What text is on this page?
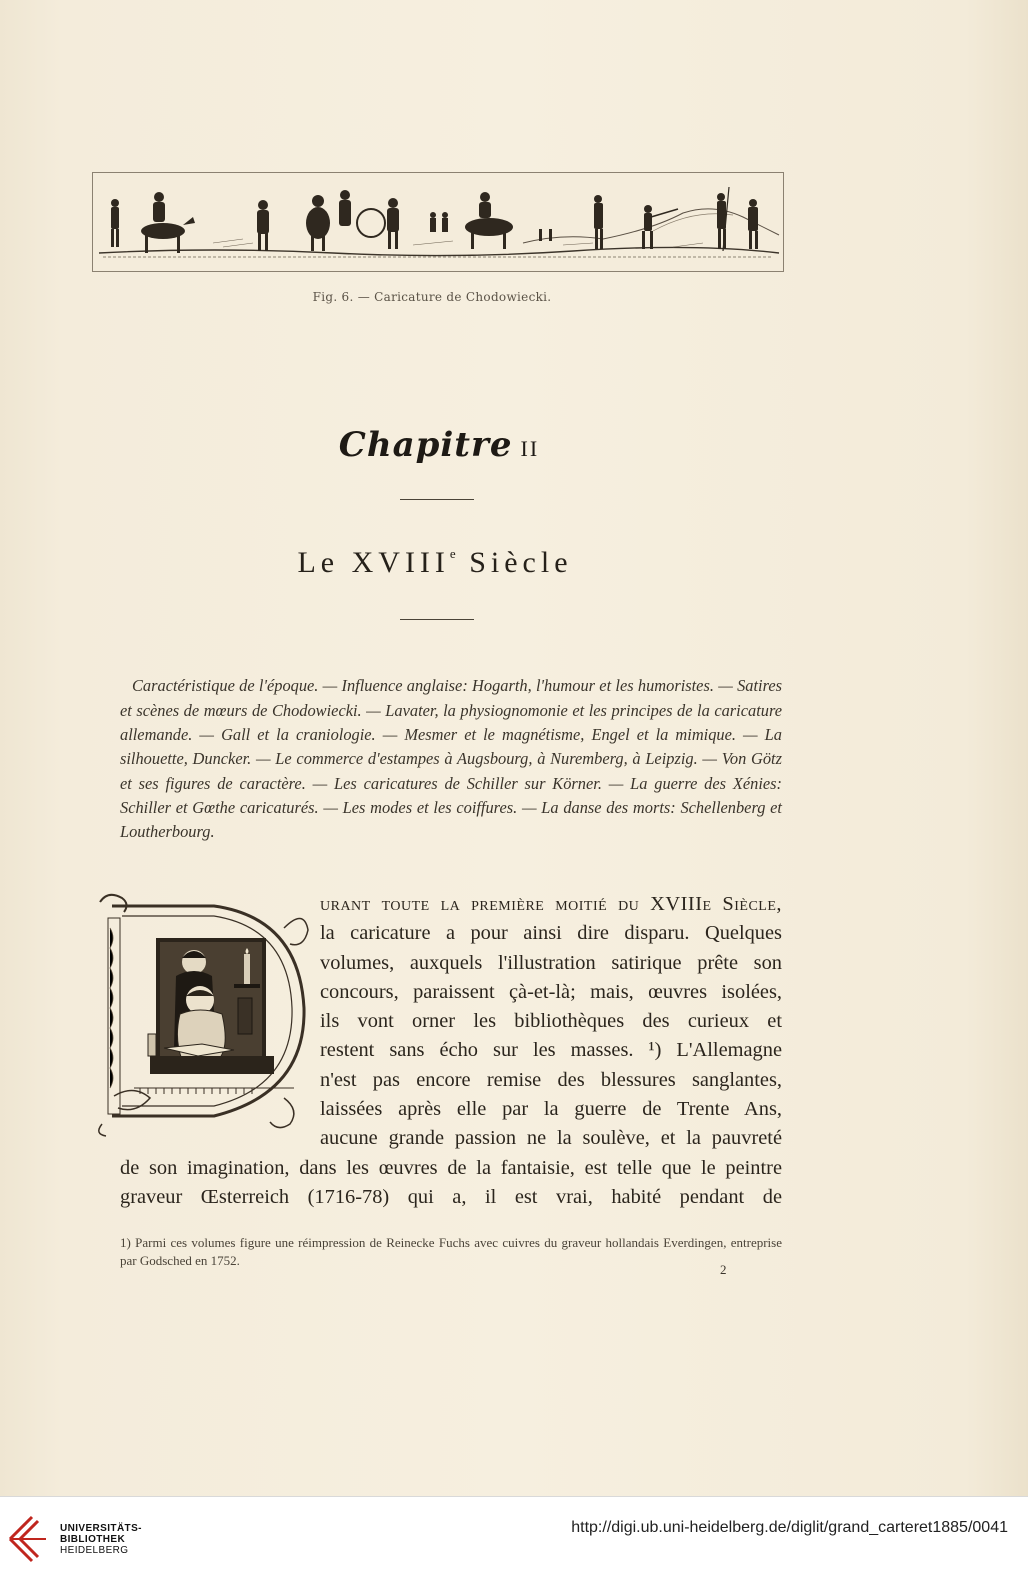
Fig. 6. — Caricature de Chodowiecki.
Chapitre II
Le XVIIIe Siècle

Caractéristique de l'époque. — Influence anglaise: Hogarth, l'humour et les humoristes. — Satires et scènes de mœurs de Chodowiecki. — Lavater, la physiognomonie et les principes de la caricature allemande. — Gall et la craniologie. — Mesmer et le magnétisme, Engel et la mimique. — La silhouette, Duncker. — Le commerce d'estampes à Augsbourg, à Nuremberg, à Leipzig. — Von Götz et ses figures de caractère. — Les caricatures de Schiller sur Körner. — La guerre des Xénies: Schiller et Gœthe caricaturés. — Les modes et les coiffures. — La danse des morts: Schellenberg et Loutherbourg.

urant toute la première moitié du XVIIIe Siècle,
la caricature a pour ainsi dire disparu. Quelques
volumes, auxquels l'illustration satirique prête son
concours, paraissent çà-et-là; mais, œuvres isolées,
ils vont orner les bibliothèques des curieux et
restent sans écho sur les masses. ¹) L'Allemagne
n'est pas encore remise des blessures sanglantes,
laissées après elle par la guerre de Trente Ans,
aucune grande passion ne la soulève, et la pauvreté
de son imagination, dans les œuvres de la fantaisie, est telle que le peintre
graveur Œsterreich (1716-78) qui a, il est vrai, habité pendant de

1) Parmi ces volumes figure une réimpression de Reinecke Fuchs avec cuivres du graveur hollandais Everdingen, entreprise par Godsched en 1752.

2
UNIVERSITÄTS-
BIBLIOTHEK
HEIDELBERG
http://digi.ub.uni-heidelberg.de/diglit/grand_carteret1885/0041
